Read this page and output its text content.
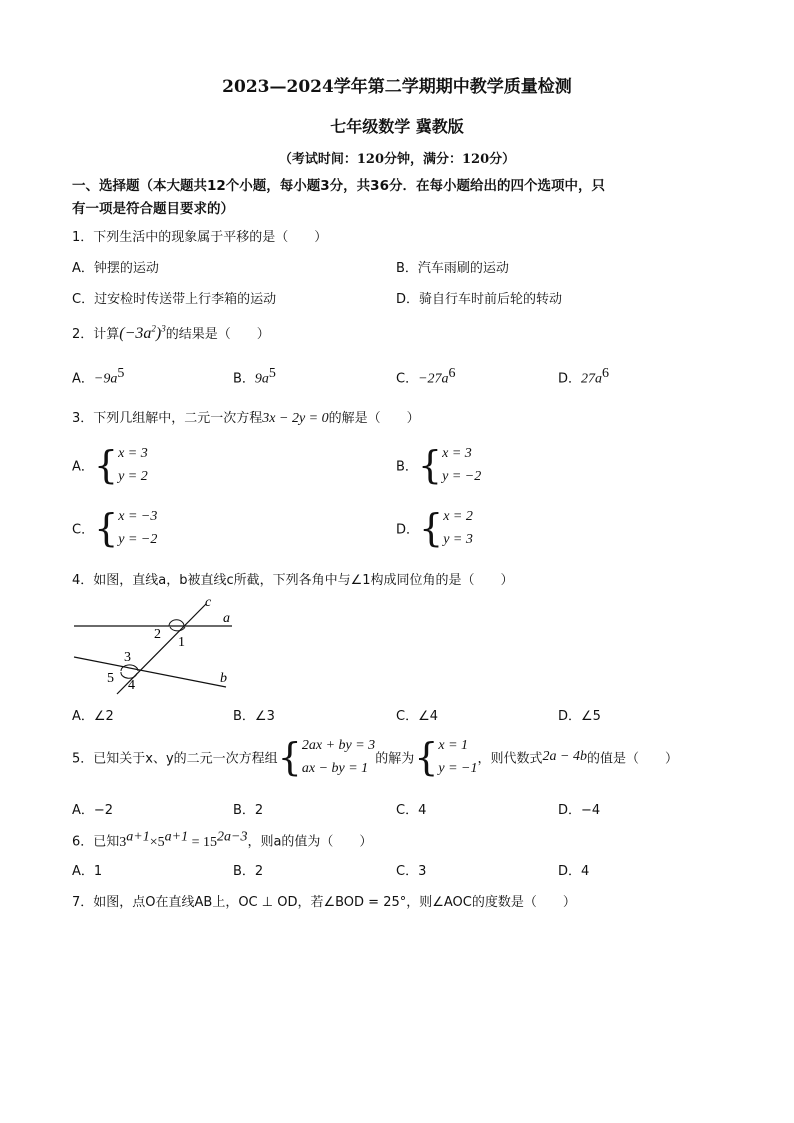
2023—2024学年第二学期期中教学质量检测
七年级数学 冀教版
（考试时间：120分钟，满分：120分）
一、选择题（本大题共12个小题，每小题3分，共36分．在每小题给出的四个选项中，只
有一项是符合题目要求的）
1．下列生活中的现象属于平移的是（　　）
A．钟摆的运动	B．汽车雨刷的运动
C．过安检时传送带上行李箱的运动	D．骑自行车时前后轮的转动
2．计算$(-3a^2)^3$的结果是（　　）
A．$-9a^5$	B．$9a^5$	C．$-27a^6$	D．$27a^6$
3．下列几组解中，二元一次方程3x − 2y = 0的解是（　　）
A．{ x = 3
y = 2
B．{ x = 3
y = −2
C．{ x = −3
y = −2
D．{ x = 2
y = 3
4．如图，直线a，b被直线c所截，下列各角中与∠1构成同位角的是（　　）
c
a
b
1
2
3
4
5
A．∠2	B．∠3	C．∠4	D．∠5
5．已知关于x、y的二元一次方程组{ 2ax + by = 3
ax − by = 1
的解为{ x = 1
y = −1
，则代数式2a − 4b的值是（　　）
A．−2	B．2	C．4	D．−4
6．已知$3^{a+1}\times 5^{a+1} = 15^{2a-3}$，则a的值为（　　）
A．1	B．2	C．3	D．4
7．如图，点O在直线AB上，OC ⊥ OD，若∠BOD = 25°，则∠AOC的度数是（　　）
